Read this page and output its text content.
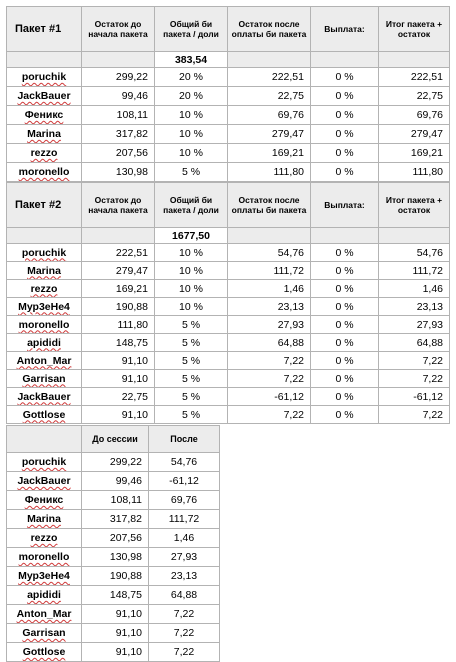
Пакет #1	Остаток до начала пакета	Общий би пакета / доли	Остаток после оплаты би пакета	Выплата:	Итог пакета + остаток
		383,54			
poruchik	299,22	20 %	222,51	0 %	222,51
JackBauer	99,46	20 %	22,75	0 %	22,75
Феникс	108,11	10 %	69,76	0 %	69,76
Marina	317,82	10 %	279,47	0 %	279,47
rezzo	207,56	10 %	169,21	0 %	169,21
moronello	130,98	5 %	111,80	0 %	111,80
Пакет #2	Остаток до начала пакета	Общий би пакета / доли	Остаток после оплаты би пакета	Выплата:	Итог пакета + остаток
		1677,50			
poruchik	222,51	10 %	54,76	0 %	54,76
Marina	279,47	10 %	111,72	0 %	111,72
rezzo	169,21	10 %	1,46	0 %	1,46
Мур3еНе4	190,88	10 %	23,13	0 %	23,13
moronello	111,80	5 %	27,93	0 %	27,93
apididi	148,75	5 %	64,88	0 %	64,88
Anton_Mar	91,10	5 %	7,22	0 %	7,22
Garrisan	91,10	5 %	7,22	0 %	7,22
JackBauer	22,75	5 %	-61,12	0 %	-61,12
Gottlose	91,10	5 %	7,22	0 %	7,22
	До сессии	После
poruchik	299,22	54,76
JackBauer	99,46	-61,12
Феникс	108,11	69,76
Marina	317,82	111,72
rezzo	207,56	1,46
moronello	130,98	27,93
Мур3еНе4	190,88	23,13
apididi	148,75	64,88
Anton_Mar	91,10	7,22
Garrisan	91,10	7,22
Gottlose	91,10	7,22
